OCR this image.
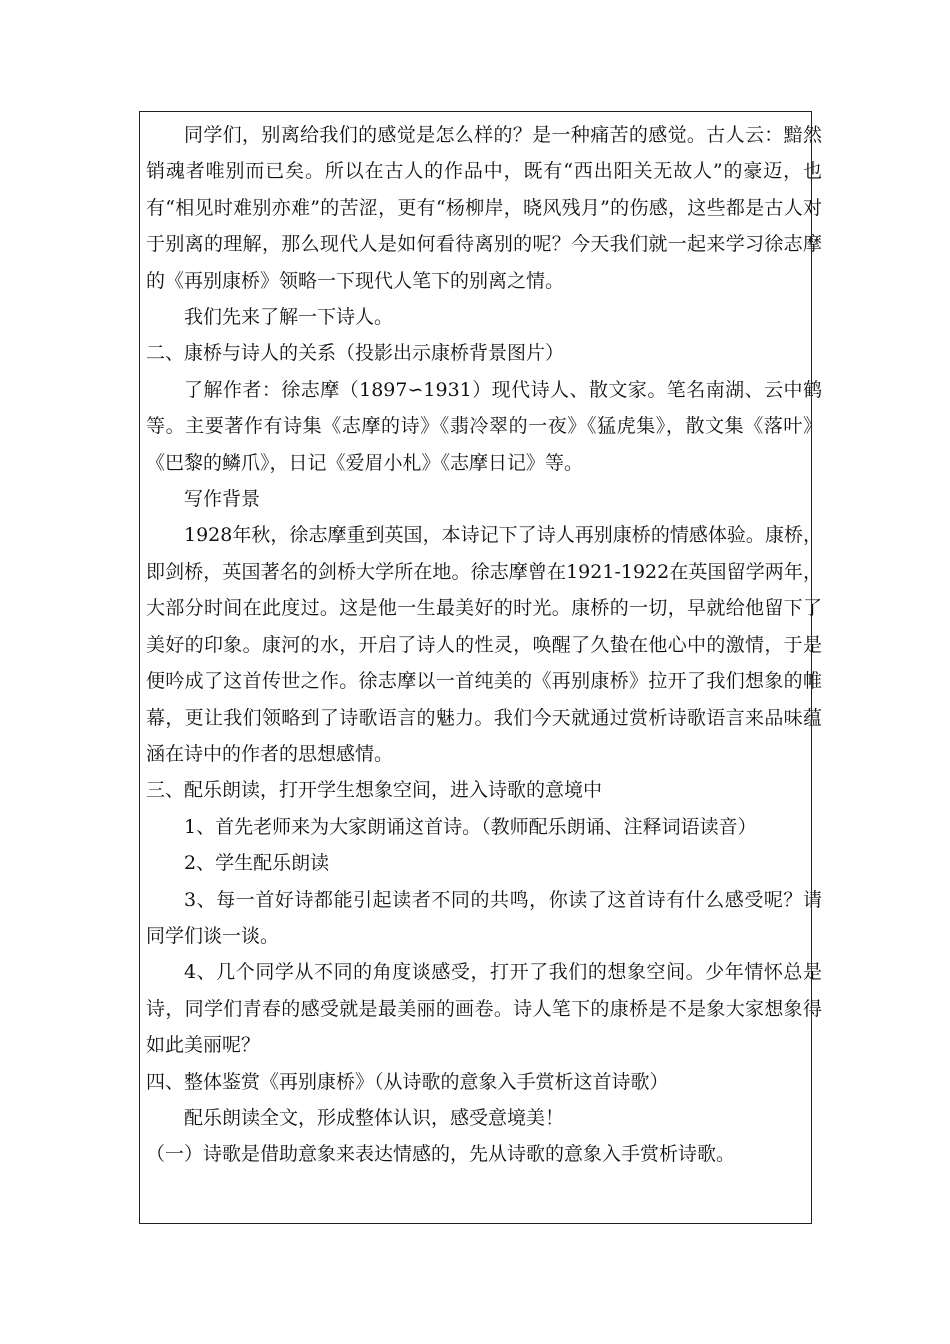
同学们，别离给我们的感觉是怎么样的？是一种痛苦的感觉。古人云：黯然销魂者唯别而已矣。所以在古人的作品中，既有“西出阳关无故人”的豪迈，也有“相见时难别亦难”的苦涩，更有“杨柳岸，晓风残月”的伤感，这些都是古人对于别离的理解，那么现代人是如何看待离别的呢？今天我们就一起来学习徐志摩的《再别康桥》领略一下现代人笔下的别离之情。

我们先来了解一下诗人。

二、康桥与诗人的关系（投影出示康桥背景图片）

了解作者：徐志摩（1897∽1931）现代诗人、散文家。笔名南湖、云中鹤等。主要著作有诗集《志摩的诗》《翡冷翠的一夜》《猛虎集》，散文集《落叶》《巴黎的鳞爪》，日记《爱眉小札》《志摩日记》等。

写作背景

1928年秋，徐志摩重到英国，本诗记下了诗人再别康桥的情感体验。康桥，即剑桥，英国著名的剑桥大学所在地。徐志摩曾在1921-1922在英国留学两年，大部分时间在此度过。这是他一生最美好的时光。康桥的一切，早就给他留下了美好的印象。康河的水，开启了诗人的性灵，唤醒了久蛰在他心中的激情，于是便吟成了这首传世之作。徐志摩以一首纯美的《再别康桥》拉开了我们想象的帷幕，更让我们领略到了诗歌语言的魅力。我们今天就通过赏析诗歌语言来品味蕴涵在诗中的作者的思想感情。

三、配乐朗读，打开学生想象空间，进入诗歌的意境中

1、首先老师来为大家朗诵这首诗。（教师配乐朗诵、注释词语读音）

2、学生配乐朗读

3、每一首好诗都能引起读者不同的共鸣，你读了这首诗有什么感受呢？请同学们谈一谈。

4、几个同学从不同的角度谈感受，打开了我们的想象空间。少年情怀总是诗，同学们青春的感受就是最美丽的画卷。诗人笔下的康桥是不是象大家想象得如此美丽呢？

四、整体鉴赏《再别康桥》（从诗歌的意象入手赏析这首诗歌）

配乐朗读全文，形成整体认识，感受意境美！

（一）诗歌是借助意象来表达情感的，先从诗歌的意象入手赏析诗歌。
